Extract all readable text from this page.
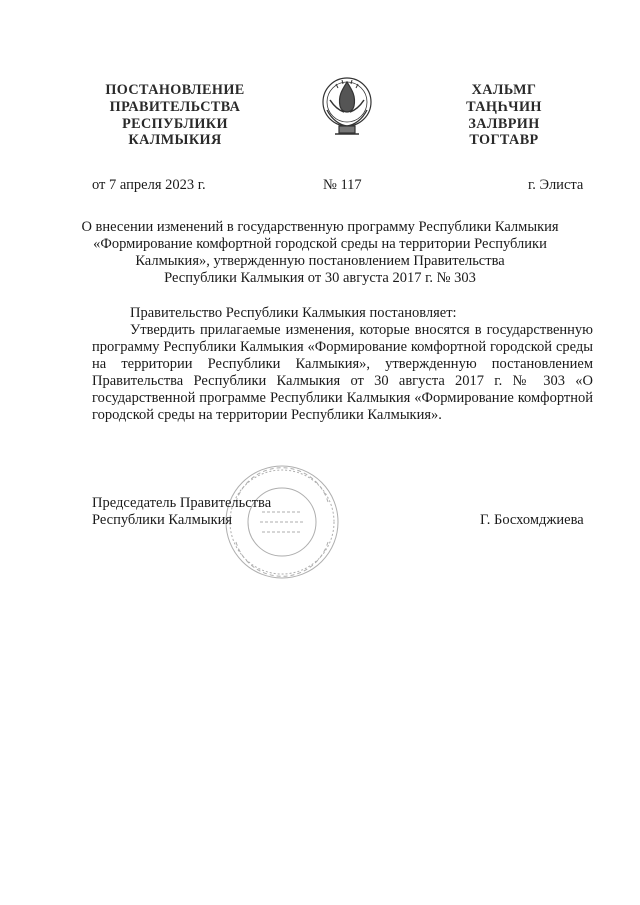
ПОСТАНОВЛЕНИЕ
ПРАВИТЕЛЬСТВА
РЕСПУБЛИКИ
КАЛМЫКИЯ
ХАЛЬМГ
ТАҢҺЧИН
ЗАЛВРИН
ТОГТАВР
от 7 апреля 2023 г.	№ 117	г. Элиста
О внесении изменений в государственную программу Республики Калмыкия
«Формирование комфортной городской среды на территории Республики
Калмыкия», утвержденную постановлением Правительства
Республики Калмыкия от 30 августа 2017 г. № 303
Правительство Республики Калмыкия постановляет:

Утвердить прилагаемые изменения, которые вносятся в государственную программу Республики Калмыкия «Формирование комфортной городской среды на территории Республики Калмыкия», утвержденную постановлением Правительства Республики Калмыкия от 30 августа 2017 г. № 303 «О государственной программе Республики Калмыкия «Формирование комфортной городской среды на территории Республики Калмыкия».

Председатель Правительства
Республики Калмыкия	Г. Босхомджиева
